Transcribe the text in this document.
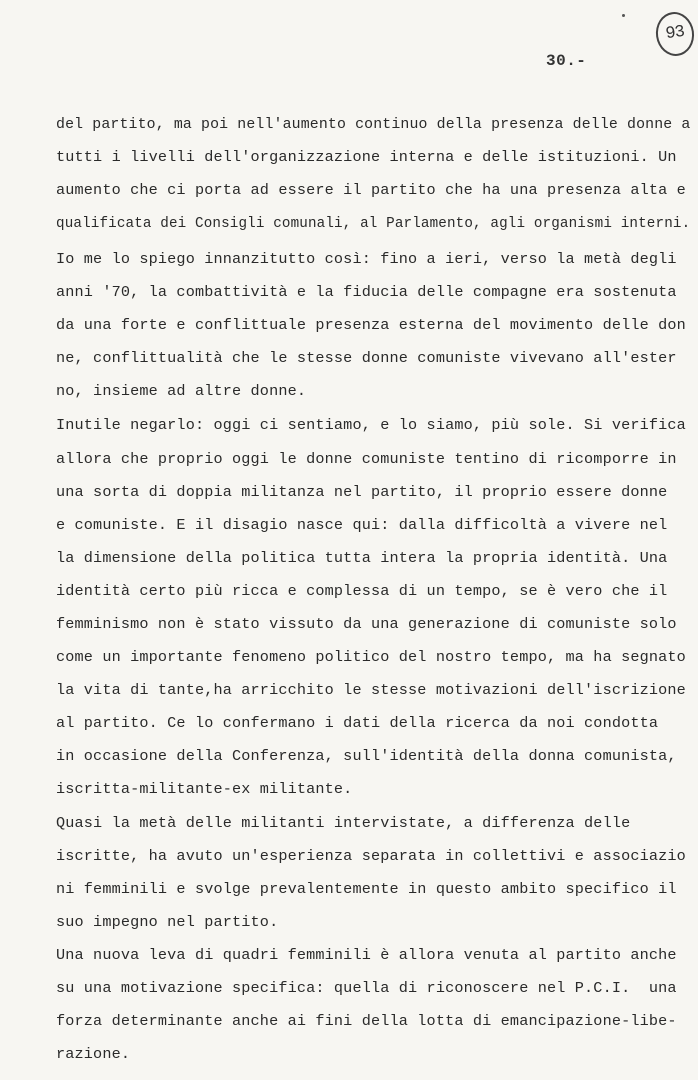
93
30.-
del partito, ma poi nell'aumento continuo della presenza delle donne a
tutti i livelli dell'organizzazione interna e delle istituzioni. Un
aumento che ci porta ad essere il partito che ha una presenza alta e
qualificata dei Consigli comunali, al Parlamento, agli organismi interni.
Io me lo spiego innanzitutto così: fino a ieri, verso la metà degli
anni '70, la combattività e la fiducia delle compagne era sostenuta
da una forte e conflittuale presenza esterna del movimento delle don
ne, conflittualità che le stesse donne comuniste vivevano all'ester
no, insieme ad altre donne.
Inutile negarlo: oggi ci sentiamo, e lo siamo, più sole. Si verifica
allora che proprio oggi le donne comuniste tentino di ricomporre in
una sorta di doppia militanza nel partito, il proprio essere donne
e comuniste. E il disagio nasce qui: dalla difficoltà a vivere nel
la dimensione della politica tutta intera la propria identità. Una
identità certo più ricca e complessa di un tempo, se è vero che il
femminismo non è stato vissuto da una generazione di comuniste solo
come un importante fenomeno politico del nostro tempo, ma ha segnato
la vita di tante,ha arricchito le stesse motivazioni dell'iscrizione
al partito. Ce lo confermano i dati della ricerca da noi condotta
in occasione della Conferenza, sull'identità della donna comunista,
iscritta-militante-ex militante.
Quasi la metà delle militanti intervistate, a differenza delle
iscritte, ha avuto un'esperienza separata in collettivi e associazio
ni femminili e svolge prevalentemente in questo ambito specifico il
suo impegno nel partito.
Una nuova leva di quadri femminili è allora venuta al partito anche
su una motivazione specifica: quella di riconoscere nel P.C.I.  una
forza determinante anche ai fini della lotta di emancipazione-libe-
razione.
